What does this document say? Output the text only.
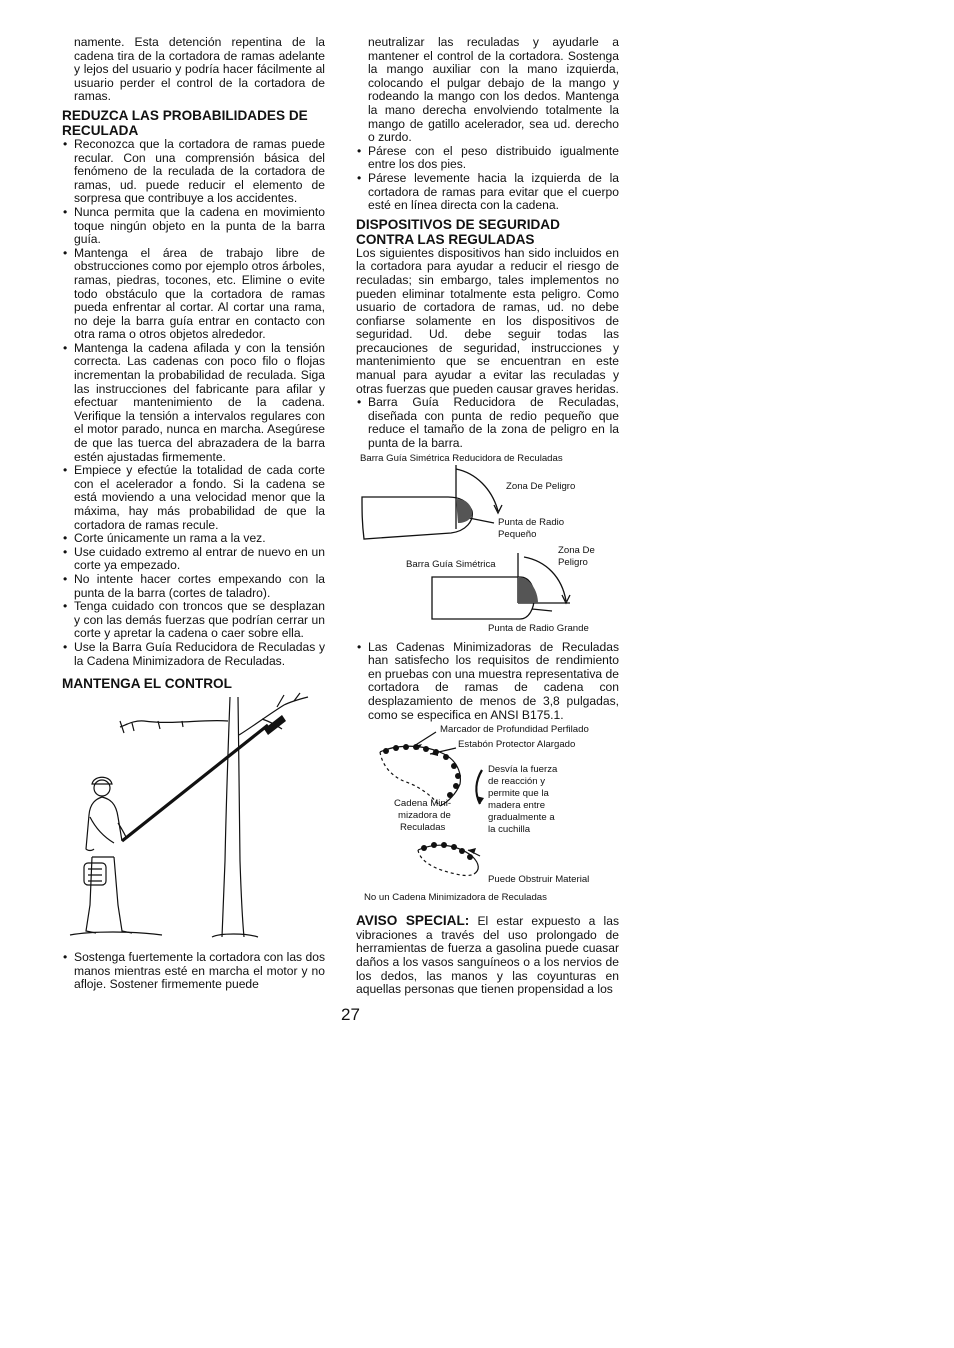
namente. Esta detención repentina de la cadena tira de la cortadora de ramas adelante y lejos del usuario y podría hacer fácilmente al usuario perder el control de la cortadora de ramas.

REDUZCA LAS PROBABILIDADES DE RECULADA
• Reconozca que la cortadora de ramas puede recular. Con una comprensión básica del fenómeno de la reculada de la cortadora de ramas, ud. puede reducir el elemento de sorpresa que contribuye a los accidentes.
• Nunca permita que la cadena en movimiento toque ningún objeto en la punta de la barra guía.
• Mantenga el área de trabajo libre de obstrucciones como por ejemplo otros árboles, ramas, piedras, tocones, etc. Elimine o evite todo obstáculo que la cortadora de ramas pueda enfrentar al cortar. Al cortar una rama, no deje la barra guía entrar en contacto con otra rama o otros objetos alrededor.
• Mantenga la cadena afilada y con la tensión correcta. Las cadenas con poco filo o flojas incrementan la probabilidad de reculada. Siga las instrucciones del fabricante para afilar y efectuar mantenimiento de la cadena. Verifique la tensión a intervalos regulares con el motor parado, nunca en marcha. Asegúrese de que las tuerca del abrazadera de la barra estén ajustadas firmemente.
• Empiece y efectúe la totalidad de cada corte con el acelerador a fondo. Si la cadena se está moviendo a una velocidad menor que la máxima, hay más probabilidad de que la cortadora de ramas recule.
• Corte únicamente un rama a la vez.
• Use cuidado extremo al entrar de nuevo en un corte ya empezado.
• No intente hacer cortes empexando con la punta de la barra (cortes de taladro).
• Tenga cuidado con troncos que se desplazan y con las demás fuerzas que podrían cerrar un corte y apretar la cadena o caer sobre ella.
• Use la Barra Guía Reducidora de Reculadas y la Cadena Minimizadora de Reculadas.
MANTENGA EL CONTROL
• Sostenga fuertemente la cortadora con las dos manos mientras esté en marcha el motor y no afloje. Sostener firmemente puede

neutralizar las reculadas y ayudarle a mantener el control de la cortadora. Sostenga la mango auxiliar con la mano izquierda, colocando el pulgar debajo de la mango y rodeando la mango con los dedos. Mantenga la mano derecha envolviendo totalmente la mango de gatillo acelerador, sea ud. derecho o zurdo.

• Párese con el peso distribuido igualmente entre los dos pies.
• Párese levemente hacia la izquierda de la cortadora de ramas para evitar que el cuerpo esté en línea directa con la cadena.
DISPOSITIVOS DE SEGURIDAD CONTRA LAS REGULADAS

Los siguientes dispositivos han sido incluidos en la cortadora para ayudar a reducir el riesgo de reculadas; sin embargo, tales implementos no pueden eliminar totalmente esta peligro. Como usuario de cortadora de ramas, ud. no debe confiarse solamente en los dispositivos de seguridad. Ud. debe seguir todas las precauciones de seguridad, instrucciones y mantenimiento que se encuentran en este manual para ayudar a evitar las reculadas y otras fuerzas que pueden causar graves heridas.

• Barra Guía Reducidora de Reculadas, diseñada con punta de redio pequeño que reduce el tamaño de la zona de peligro en la punta de la barra.
Barra Guía Simétrica Reducidora de Reculadas
Zona De Peligro
Punta de Radio
Pequeño
Barra Guía Simétrica
Zona De
Peligro
Punta de Radio Grande
• Las Cadenas Minimizadoras de Reculadas han satisfecho los requisitos de rendimiento en pruebas con una muestra representativa de cortadora de ramas de cadena con desplazamiento de menos de 3,8 pulgadas, como se especifica en ANSI B175.1.
Marcador de Profundidad Perfilado
Estabón Protector Alargado
Desvía la fuerza
de reacción y
permite que la
madera entre
gradualmente a
la cuchilla
Cadena Mini-
mizadora de
Reculadas
Puede Obstruir Material
No un Cadena Minimizadora de Reculadas

AVISO SPECIAL: El estar expuesto a las vibraciones a través del uso prolongado de herramientas de fuerza a gasolina puede cuasar daños a los vasos sanguíneos o a los nervios de los dedos, las manos y las coyunturas en aquellas personas que tienen propensidad a los

27
